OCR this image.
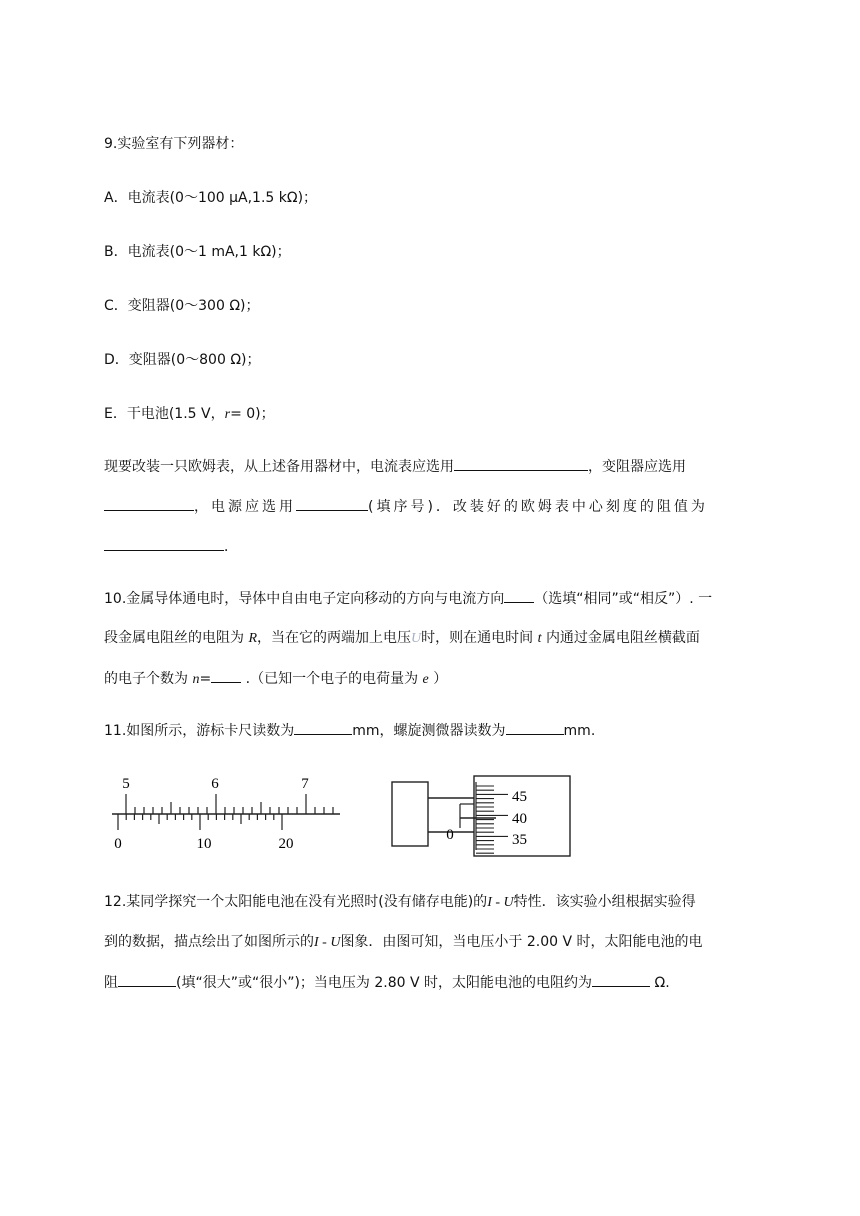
9.实验室有下列器材：
A．电流表(0～100 μA,1.5 kΩ)；
B．电流表(0～1 mA,1 kΩ)；
C．变阻器(0～300 Ω)；
D．变阻器(0～800 Ω)；
E．干电池(1.5 V，r= 0)；
现要改装一只欧姆表，从上述备用器材中，电流表应选用	，变阻器应选用
，电源应选用	(填序号)．改装好的欧姆表中心刻度的阻值为
．
10.金属导体通电时，导体中自由电子定向移动的方向与电流方向 （选填“相同”或“相反”）. 一
段金属电阻丝的电阻为 R，当在它的两端加上电压U时，则在通电时间 t 内通过金属电阻丝横截面
的电子个数为 n= .（已知一个电子的电荷量为 e ）
11.如图所示，游标卡尺读数为	mm，螺旋测微器读数为	mm.
5	6	7
0	10	20
0
45
40
35
12.某同学探究一个太阳能电池在没有光照时(没有储存电能)的I - U特性．该实验小组根据实验得
到的数据，描点绘出了如图所示的I - U图象．由图可知，当电压小于 2.00 V 时，太阳能电池的电
阻	(填“很大”或“很小”)；当电压为 2.80 V 时，太阳能电池的电阻约为	Ω.
